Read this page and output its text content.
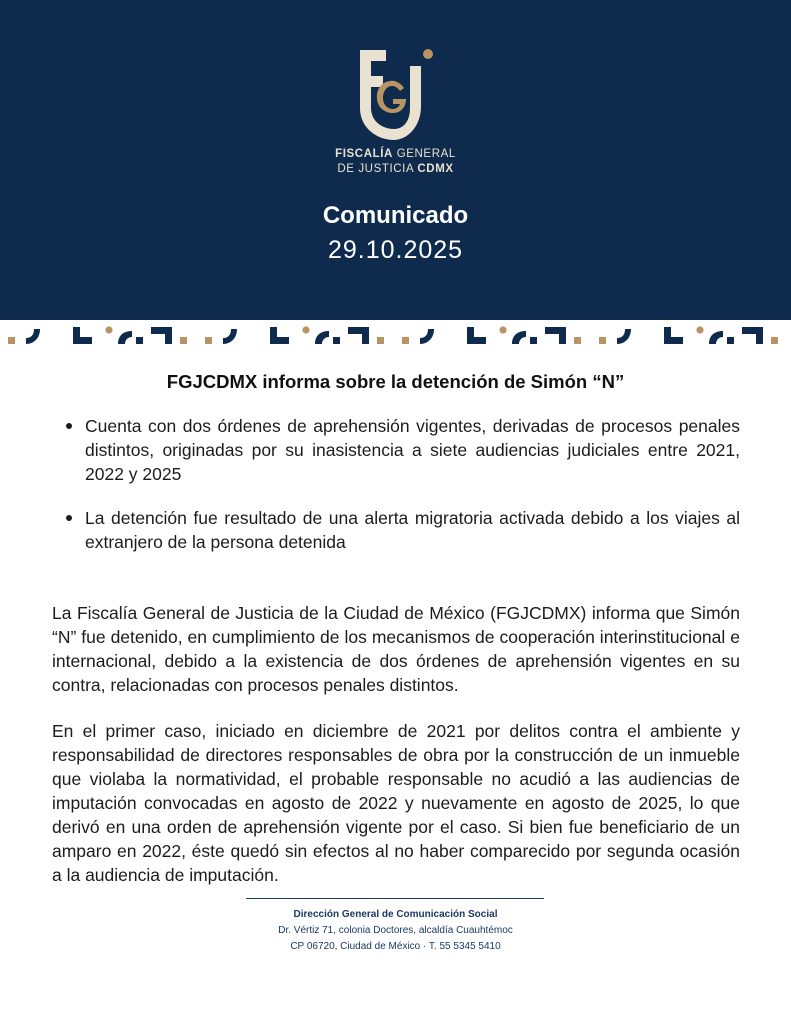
FISCALÍA GENERAL
DE JUSTICIA CDMX
Comunicado
29.10.2025
FGJCDMX informa sobre la detención de Simón “N”
Cuenta con dos órdenes de aprehensión vigentes, derivadas de procesos penales distintos, originadas por su inasistencia a siete audiencias judiciales entre 2021, 2022 y 2025
La detención fue resultado de una alerta migratoria activada debido a los viajes al extranjero de la persona detenida

La Fiscalía General de Justicia de la Ciudad de México (FGJCDMX) informa que Simón “N” fue detenido, en cumplimiento de los mecanismos de cooperación interinstitucional e internacional, debido a la existencia de dos órdenes de aprehensión vigentes en su contra, relacionadas con procesos penales distintos.

En el primer caso, iniciado en diciembre de 2021 por delitos contra el ambiente y responsabilidad de directores responsables de obra por la construcción de un inmueble que violaba la normatividad, el probable responsable no acudió a las audiencias de imputación convocadas en agosto de 2022 y nuevamente en agosto de 2025, lo que derivó en una orden de aprehensión vigente por el caso. Si bien fue beneficiario de un amparo en 2022, éste quedó sin efectos al no haber comparecido por segunda ocasión a la audiencia de imputación.

Dirección General de Comunicación Social
Dr. Vértiz 71, colonia Doctores, alcaldía Cuauhtémoc
CP 06720, Ciudad de México · T. 55 5345 5410
